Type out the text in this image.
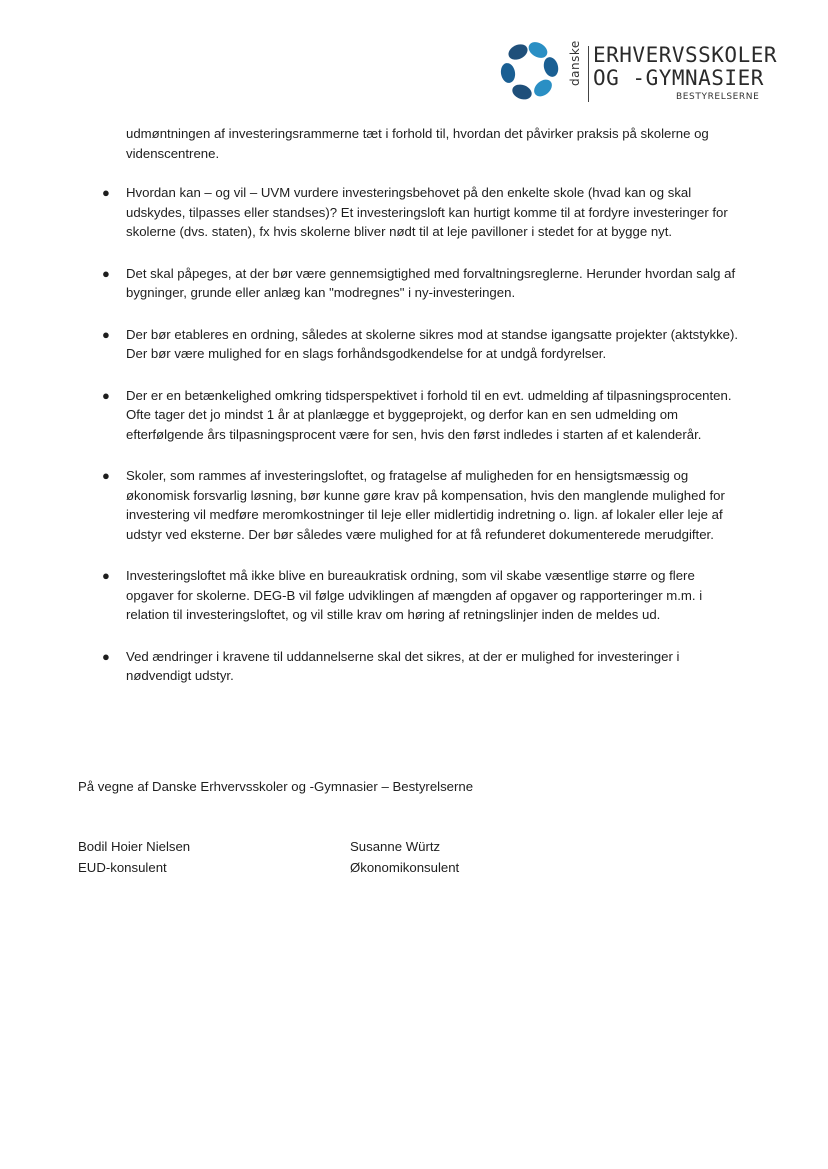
danske ERHVERVSSKOLER
OG -GYMNASIER
BESTYRELSERNE

udmøntningen af investeringsrammerne tæt i forhold til, hvordan det påvirker praksis på skolerne og videnscentrene.

● Hvordan kan – og vil – UVM vurdere investeringsbehovet på den enkelte skole (hvad kan og skal udskydes, tilpasses eller standses)? Et investeringsloft kan hurtigt komme til at fordyre investeringer for skolerne (dvs. staten), fx hvis skolerne bliver nødt til at leje pavilloner i stedet for at bygge nyt.
● Det skal påpeges, at der bør være gennemsigtighed med forvaltningsreglerne. Herunder hvordan salg af bygninger, grunde eller anlæg kan "modregnes" i ny-investeringen.
● Der bør etableres en ordning, således at skolerne sikres mod at standse igangsatte projekter (aktstykke). Der bør være mulighed for en slags forhåndsgodkendelse for at undgå fordyrelser.
● Der er en betænkelighed omkring tidsperspektivet i forhold til en evt. udmelding af tilpasningsprocenten. Ofte tager det jo mindst 1 år at planlægge et byggeprojekt, og derfor kan en sen udmelding om efterfølgende års tilpasningsprocent være for sen, hvis den først indledes i starten af et kalenderår.
● Skoler, som rammes af investeringsloftet, og fratagelse af muligheden for en hensigtsmæssig og økonomisk forsvarlig løsning, bør kunne gøre krav på kompensation, hvis den manglende mulighed for investering vil medføre meromkostninger til leje eller midlertidig indretning o. lign. af lokaler eller leje af udstyr ved eksterne. Der bør således være mulighed for at få refunderet dokumenterede merudgifter.
● Investeringsloftet må ikke blive en bureaukratisk ordning, som vil skabe væsentlige større og flere opgaver for skolerne. DEG-B vil følge udviklingen af mængden af opgaver og rapporteringer m.m. i relation til investeringsloftet, og vil stille krav om høring af retningslinjer inden de meldes ud.
● Ved ændringer i kravene til uddannelserne skal det sikres, at der er mulighed for investeringer i nødvendigt udstyr.
På vegne af Danske Erhvervsskoler og -Gymnasier – Bestyrelserne
Bodil Hoier Nielsen
EUD-konsulent
Susanne Würtz
Økonomikonsulent
